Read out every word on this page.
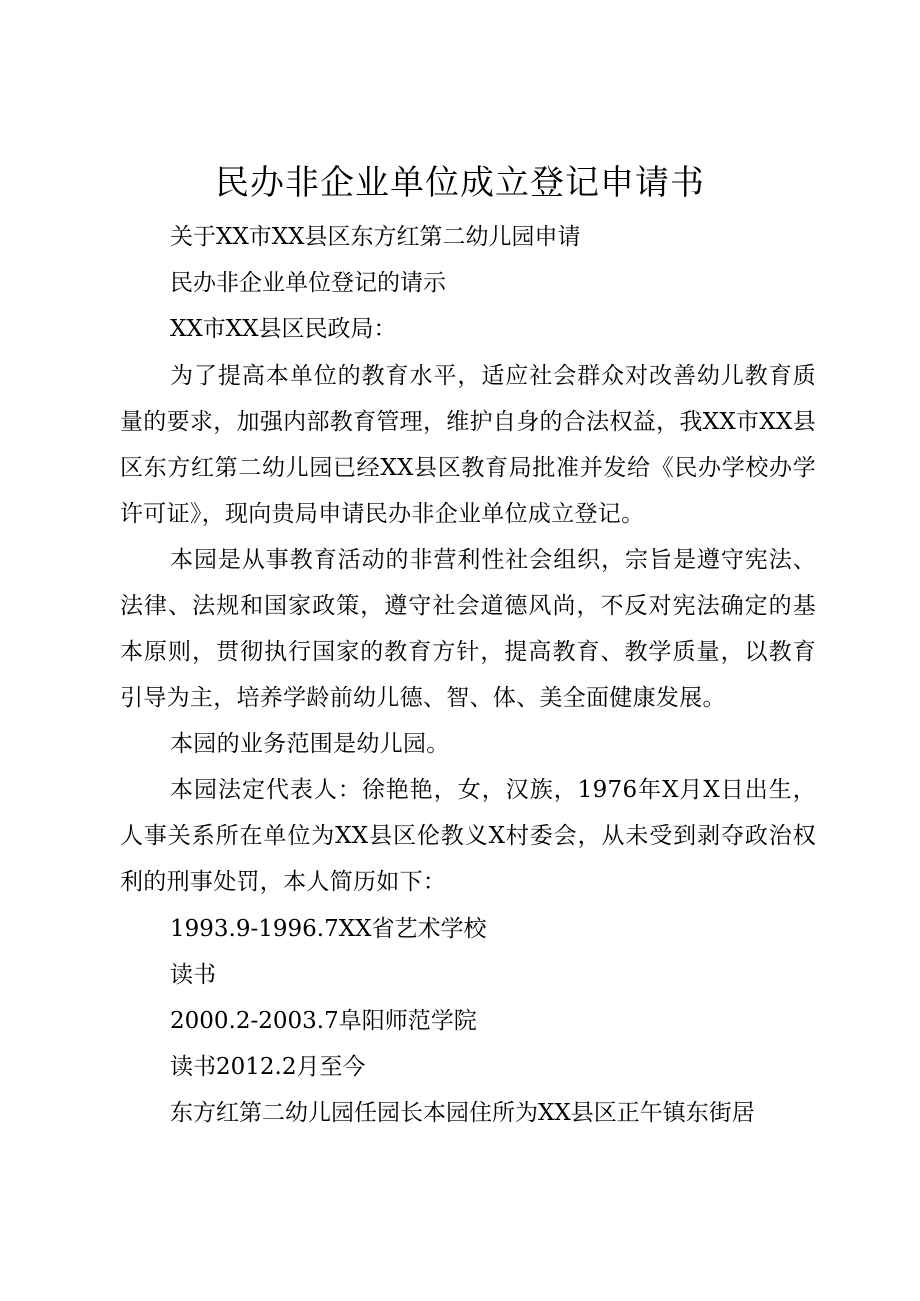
民办非企业单位成立登记申请书
关于XX市XX县区东方红第二幼儿园申请
民办非企业单位登记的请示
XX市XX县区民政局：
为了提高本单位的教育水平，适应社会群众对改善幼儿教育质量的要求，加强内部教育管理，维护自身的合法权益，我XX市XX县区东方红第二幼儿园已经XX县区教育局批准并发给《民办学校办学许可证》，现向贵局申请民办非企业单位成立登记。
本园是从事教育活动的非营利性社会组织，宗旨是遵守宪法、法律、法规和国家政策，遵守社会道德风尚，不反对宪法确定的基本原则，贯彻执行国家的教育方针，提高教育、教学质量，以教育引导为主，培养学龄前幼儿德、智、体、美全面健康发展。
本园的业务范围是幼儿园。
本园法定代表人：徐艳艳，女，汉族，1976年X月X日出生，人事关系所在单位为XX县区伦教义X村委会，从未受到剥夺政治权利的刑事处罚，本人简历如下：
1993.9-1996.7XX省艺术学校
读书
2000.2-2003.7阜阳师范学院
读书2012.2月至今
东方红第二幼儿园任园长本园住所为XX县区正午镇东街居
